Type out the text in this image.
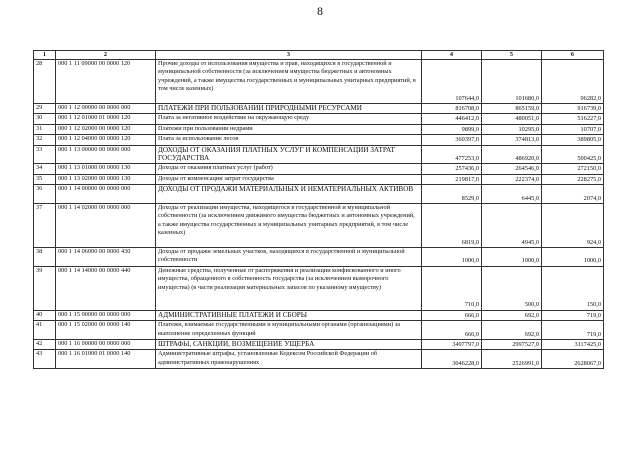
8
1	2	3	4	5	6
28	000 1 11 09000 00 0000 120	Прочие доходы от использования имущества и прав, находящихся в государственной и муниципальной собственности (за исключением имущества бюджетных и автономных учреждений, а также имущества государственных и муниципальных унитарных предприятий, в том числе казенных)	107644,0	101680,0	96282,0
29	000 1 12 00000 00 0000 000	ПЛАТЕЖИ ПРИ ПОЛЬЗОВАНИИ ПРИРОДНЫМИ РЕСУРСАМИ	816708,0	865159,0	916739,0
30	000 1 12 01000 01 0000 120	Плата за негативное воздействие на окружающую среду	446412,0	480051,0	516227,0
31	000 1 12 02000 00 0000 120	Платежи при пользовании недрами	9899,0	10295,0	10707,0
32	000 1 12 04000 00 0000 120	Плата за использование лесов	360397,0	374813,0	389805,0
33	000 1 13 00000 00 0000 000	ДОХОДЫ ОТ ОКАЗАНИЯ ПЛАТНЫХ УСЛУГ И КОМПЕНСАЦИИ ЗАТРАТ ГОСУДАРСТВА	477253,0	486920,0	500425,0
34	000 1 13 01000 00 0000 130	Доходы от оказания платных услуг (работ)	257436,0	264546,0	272150,0
35	000 1 13 02000 00 0000 130	Доходы от компенсации затрат государства	219817,0	222374,0	228275,0
36	000 1 14 00000 00 0000 000	ДОХОДЫ ОТ ПРОДАЖИ МАТЕРИАЛЬНЫХ И НЕМАТЕРИАЛЬНЫХ АКТИВОВ	8529,0	6445,0	2074,0
37	000 1 14 02000 00 0000 000	Доходы от реализации имущества, находящегося в государственной и муниципальной собственности (за исключением движимого имущества бюджетных и автономных учреждений, а также имущества государственных и муниципальных унитарных предприятий, в том числе казенных)	6819,0	4945,0	924,0
38	000 1 14 06000 00 0000 430	Доходы от продажи земельных участков, находящихся в государственной и муниципальной собственности	1000,0	1000,0	1000,0
39	000 1 14 14000 00 0000 440	Денежные средства, полученные от распоряжения и реализации конфискованного и иного имущества, обращенного в собственность государства (за исключением выморочного имущества) (в части реализации материальных запасов по указанному имуществу)	710,0	500,0	150,0
40	000 1 15 00000 00 0000 000	АДМИНИСТРАТИВНЫЕ ПЛАТЕЖИ И СБОРЫ	666,0	692,0	719,0
41	000 1 15 02000 00 0000 140	Платежи, взимаемые государственными и муниципальными органами (организациями) за выполнение определенных функций	666,0	692,0	719,0
42	000 1 16 00000 00 0000 000	ШТРАФЫ, САНКЦИИ, ВОЗМЕЩЕНИЕ УЩЕРБА	3497797,0	2997527,0	3117425,0
43	000 1 16 01000 01 0000 140	Административные штрафы, установленные Кодексом Российской Федерации об административных правонарушениях	3046228,0	2526991,0	2628067,0
